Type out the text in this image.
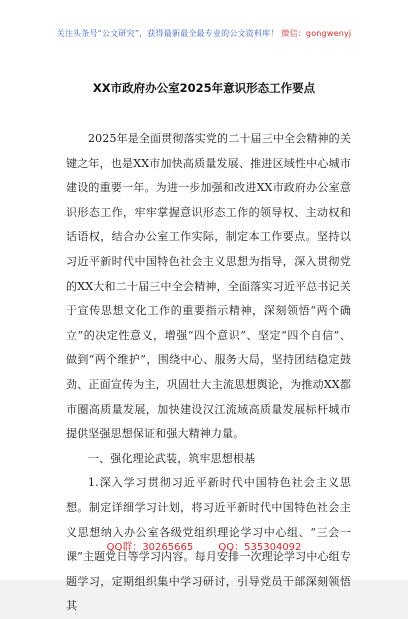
关注头条号“公文研究”，获得最新最全最专业的公文资料库！ 微信：gongwenyj
XX市政府办公室2025年意识形态工作要点

2025年是全面贯彻落实党的二十届三中全会精神的关键之年，也是XX市加快高质量发展、推进区域性中心城市建设的重要一年。为进一步加强和改进XX市政府办公室意识形态工作，牢牢掌握意识形态工作的领导权、主动权和话语权，结合办公室工作实际，制定本工作要点。坚持以习近平新时代中国特色社会主义思想为指导，深入贯彻党的XX大和二十届三中全会精神，全面落实习近平总书记关于宣传思想文化工作的重要指示精神，深刻领悟“两个确立”的决定性意义，增强“四个意识”、坚定“四个自信”、做到“两个维护”，围绕中心、服务大局，坚持团结稳定鼓劲、正面宣传为主，巩固壮大主流思想舆论，为推动XX都市圈高质量发展，加快建设汉江流域高质量发展标杆城市提供坚强思想保证和强大精神力量。

一、强化理论武装，筑牢思想根基

1.深入学习贯彻习近平新时代中国特色社会主义思想。制定详细学习计划，将习近平新时代中国特色社会主义思想纳入办公室各级党组织理论学习中心组、“三会一课”主题党日等学习内容。每月安排一次理论学习中心组专题学习，定期组织集中学习研讨，引导党员干部深刻领悟其

QQ群：30265665	QQ：535304092
